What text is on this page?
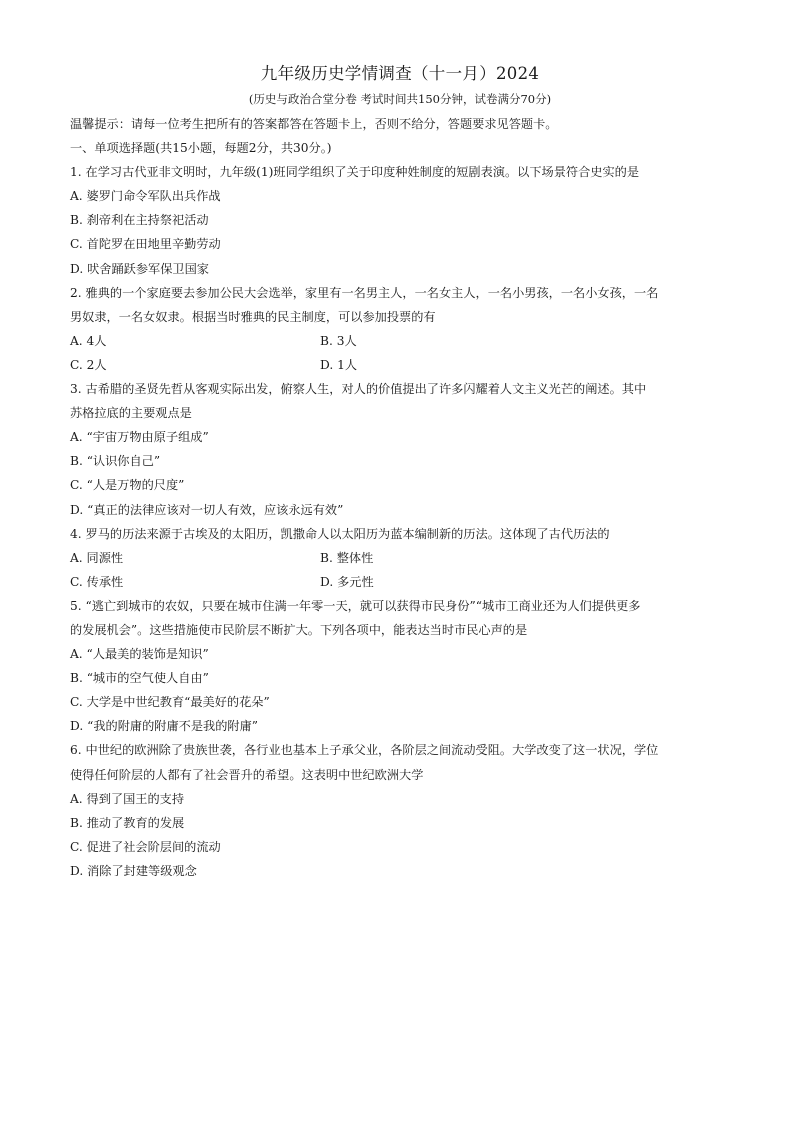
九年级历史学情调查（十一月）2024
(历史与政治合堂分卷 考试时间共150分钟，试卷满分70分)
温馨提示：请每一位考生把所有的答案都答在答题卡上，否则不给分，答题要求见答题卡。
一、单项选择题(共15小题，每题2分，共30分。)
1. 在学习古代亚非文明时，九年级(1)班同学组织了关于印度种姓制度的短剧表演。以下场景符合史实的是
A. 婆罗门命令军队出兵作战
B. 刹帝利在主持祭祀活动
C. 首陀罗在田地里辛勤劳动
D. 吠舍踊跃参军保卫国家
2. 雅典的一个家庭要去参加公民大会选举，家里有一名男主人，一名女主人，一名小男孩，一名小女孩，一名
男奴隶，一名女奴隶。根据当时雅典的民主制度，可以参加投票的有
A. 4人	B. 3人
C. 2人	D. 1人
3. 古希腊的圣贤先哲从客观实际出发，俯察人生，对人的价值提出了许多闪耀着人文主义光芒的阐述。其中
苏格拉底的主要观点是
A. “宇宙万物由原子组成”
B. “认识你自己”
C. “人是万物的尺度”
D. “真正的法律应该对一切人有效，应该永远有效”
4. 罗马的历法来源于古埃及的太阳历，凯撒命人以太阳历为蓝本编制新的历法。这体现了古代历法的
A. 同源性	B. 整体性
C. 传承性	D. 多元性
5. “逃亡到城市的农奴，只要在城市住满一年零一天，就可以获得市民身份”“城市工商业还为人们提供更多
的发展机会”。这些措施使市民阶层不断扩大。下列各项中，能表达当时市民心声的是
A. “人最美的装饰是知识”
B. “城市的空气使人自由”
C. 大学是中世纪教育“最美好的花朵”
D. “我的附庸的附庸不是我的附庸”
6. 中世纪的欧洲除了贵族世袭，各行业也基本上子承父业，各阶层之间流动受阻。大学改变了这一状况，学位
使得任何阶层的人都有了社会晋升的希望。这表明中世纪欧洲大学
A. 得到了国王的支持
B. 推动了教育的发展
C. 促进了社会阶层间的流动
D. 消除了封建等级观念
